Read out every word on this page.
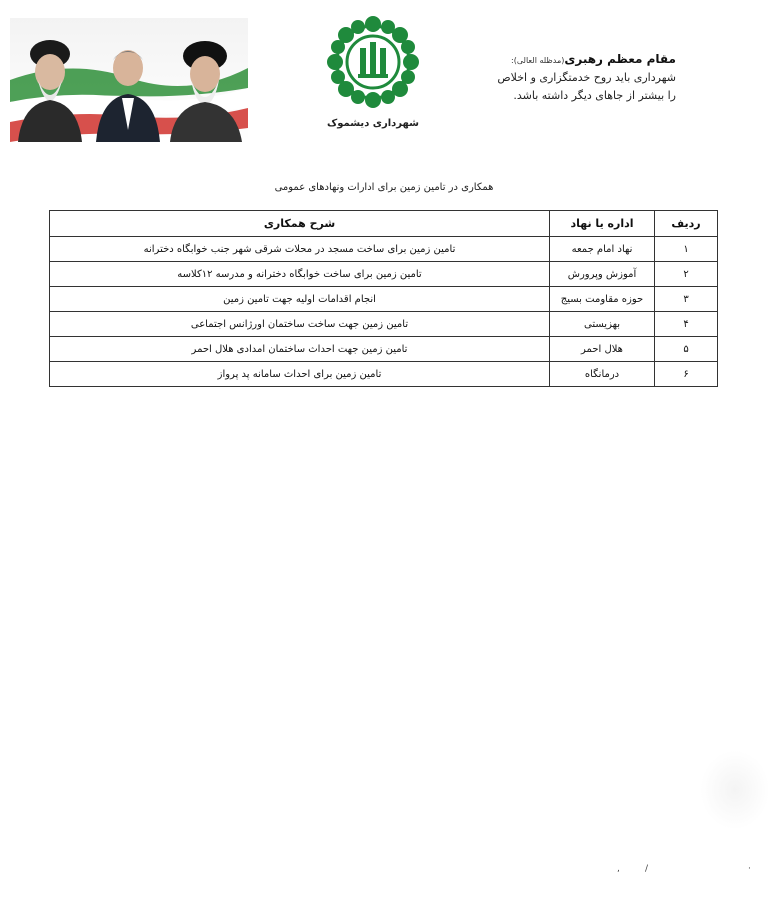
شهرداری دیشموک
مقام معظم رهبری(مدظله العالی):
شهرداری باید روح خدمتگزاری و اخلاص
را بیشتر از جاهای دیگر داشته باشد.
همکاری در تامین زمین برای ادارات ونهادهای عمومی
ردیف	اداره یا نهاد	شرح همکاری
۱	نهاد امام جمعه	تامین زمین برای ساخت مسجد در محلات شرقی شهر جنب خوابگاه دخترانه
۲	آموزش وپرورش	تامین زمین برای ساخت خوابگاه دخترانه و مدرسه ۱۲کلاسه
۳	حوزه مقاومت بسیج	انجام اقدامات اولیه جهت تامین زمین
۴	بهزیستی	تامین زمین جهت ساخت ساختمان اورژانس اجتماعی
۵	هلال احمر	تامین زمین جهت احداث ساختمان امدادی هلال احمر
۶	درمانگاه	تامین زمین برای احداث سامانه پد پرواز
,	/	·
